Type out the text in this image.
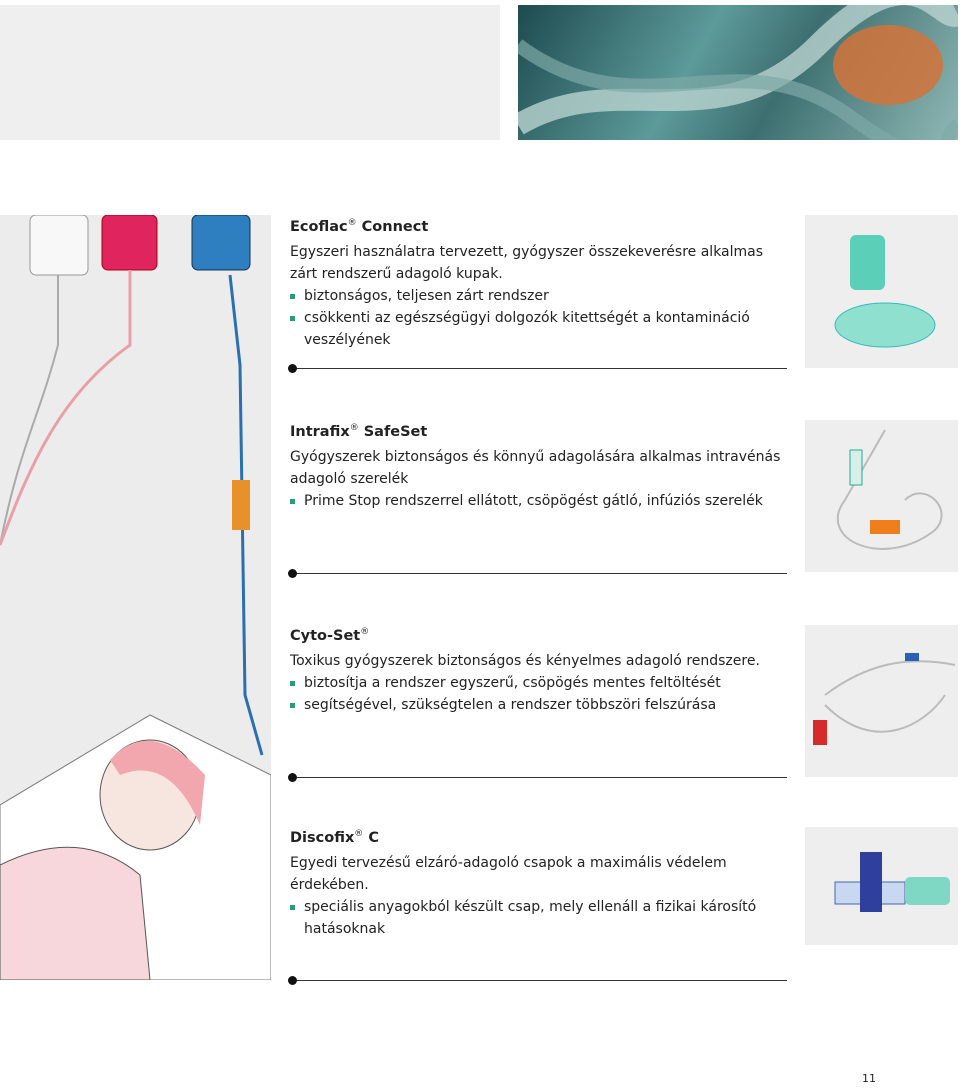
Ecoflac® Connect

Egyszeri használatra tervezett, gyógyszer összekeverésre alkalmas zárt rendszerű adagoló kupak.

biztonságos, teljesen zárt rendszer
csökkenti az egészségügyi dolgozók kitettségét a kontamináció veszélyének
Intrafix® SafeSet

Gyógyszerek biztonságos és könnyű adagolására alkalmas intravénás adagoló szerelék

Prime Stop rendszerrel ellátott, csöpögést gátló, infúziós szerelék
Cyto-Set®

Toxikus gyógyszerek biztonságos és kényelmes adagoló rendszere.

biztosítja a rendszer egyszerű, csöpögés mentes feltöltését
segítségével, szükségtelen a rendszer többszöri felszúrása
Discofix® C

Egyedi tervezésű elzáró-adagoló csapok a maximális védelem érdekében.

speciális anyagokból készült csap, mely ellenáll a fizikai károsító hatásoknak
11
